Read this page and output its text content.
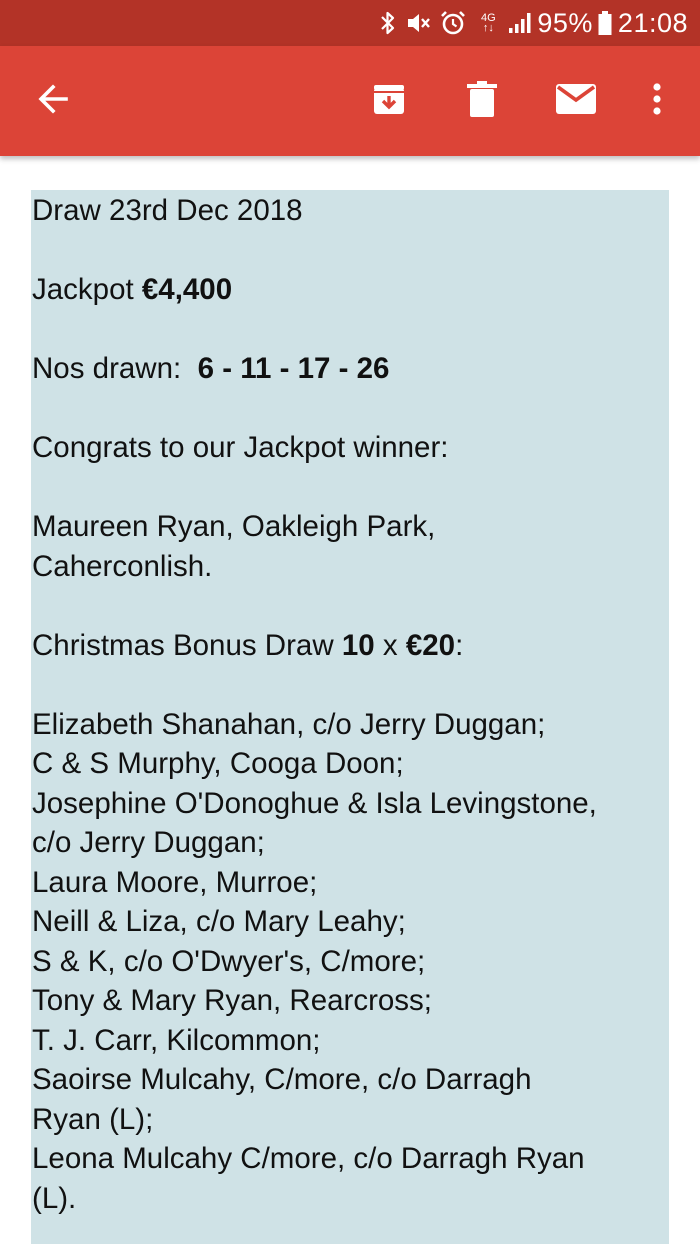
4G
↑↓ 95% 21:08

Draw 23rd Dec 2018

Jackpot €4,400

Nos drawn:  6 - 11 - 17 - 26

Congrats to our Jackpot winner:

Maureen Ryan, Oakleigh Park,

Caherconlish.

Christmas Bonus Draw 10 x €20:

Elizabeth Shanahan, c/o Jerry Duggan;

C & S Murphy, Cooga Doon;

Josephine O'Donoghue & Isla Levingstone,

c/o Jerry Duggan;

Laura Moore, Murroe;

Neill & Liza, c/o Mary Leahy;

S & K, c/o O'Dwyer's, C/more;

Tony & Mary Ryan, Rearcross;

T. J. Carr, Kilcommon;

Saoirse Mulcahy, C/more, c/o Darragh

Ryan (L);

Leona Mulcahy C/more, c/o Darragh Ryan

(L).
